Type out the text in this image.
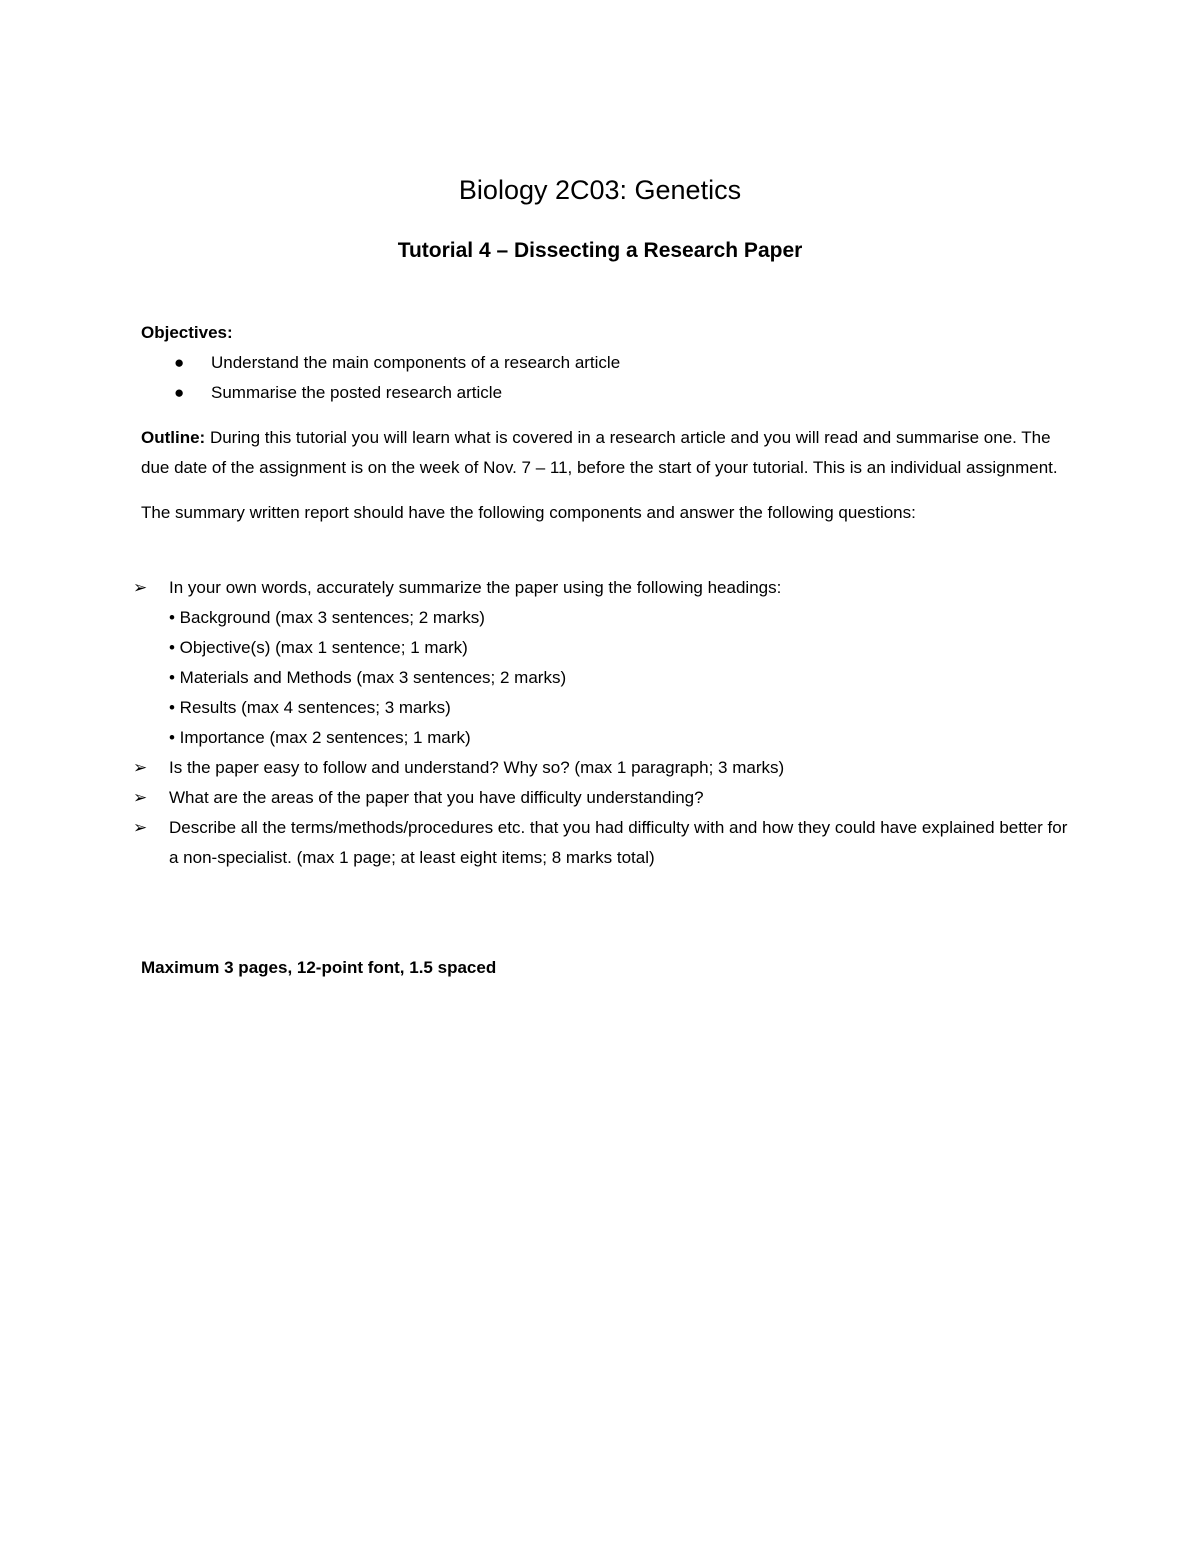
Biology 2C03: Genetics
Tutorial 4 – Dissecting a Research Paper
Objectives:
● Understand the main components of a research article
● Summarise the posted research article

Outline: During this tutorial you will learn what is covered in a research article and you will read and summarise one. The due date of the assignment is on the week of Nov. 7 – 11, before the start of your tutorial. This is an individual assignment.

The summary written report should have the following components and answer the following questions:

➢ In your own words, accurately summarize the paper using the following headings:
• Background (max 3 sentences; 2 marks)
• Objective(s) (max 1 sentence; 1 mark)
• Materials and Methods (max 3 sentences; 2 marks)
• Results (max 4 sentences; 3 marks)
• Importance (max 2 sentences; 1 mark)
➢ Is the paper easy to follow and understand? Why so? (max 1 paragraph; 3 marks)
➢ What are the areas of the paper that you have difficulty understanding?
➢ Describe all the terms/methods/procedures etc. that you had difficulty with and how they could have explained better for a non-specialist. (max 1 page; at least eight items; 8 marks total)
Maximum 3 pages, 12-point font, 1.5 spaced
